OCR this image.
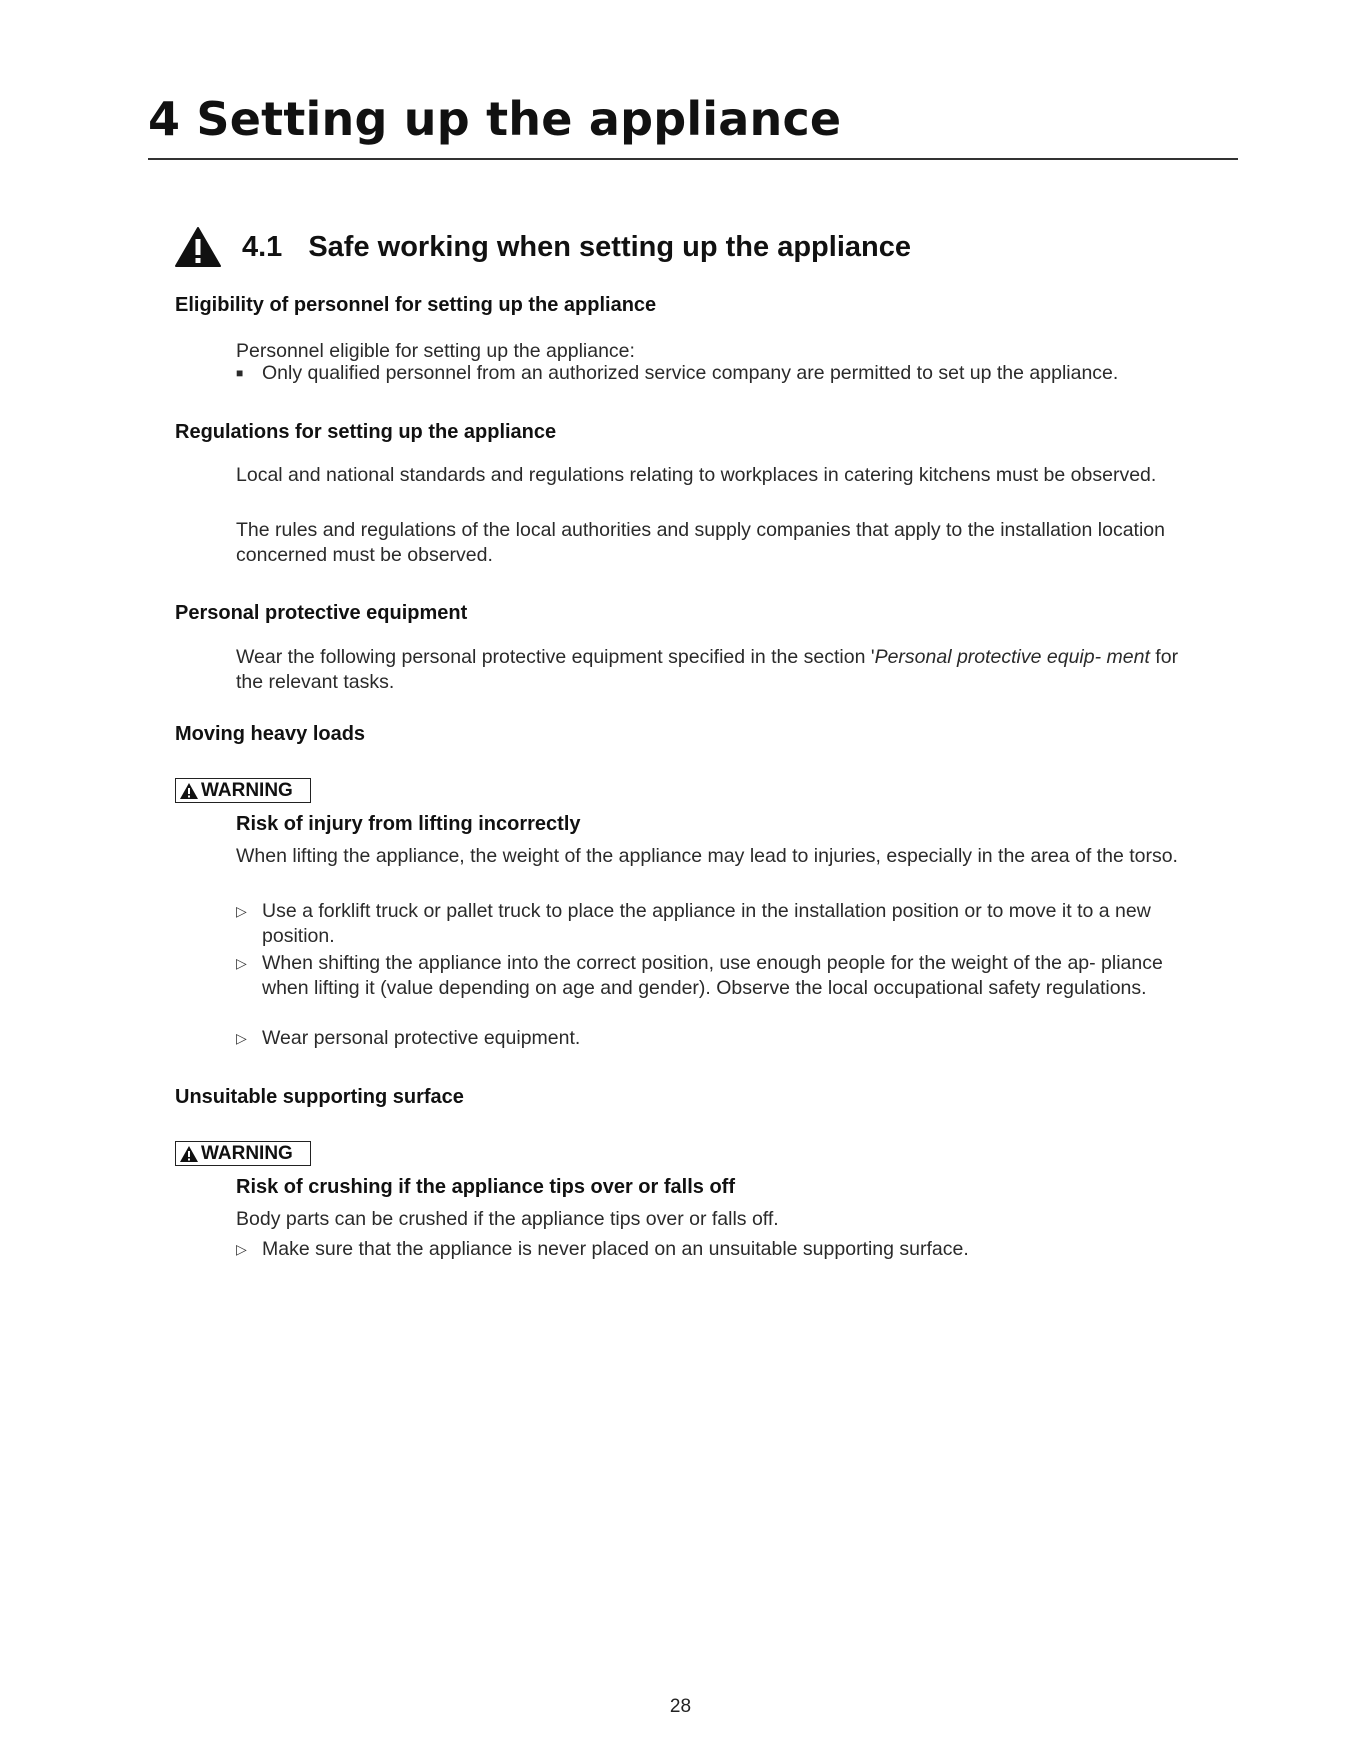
4 Setting up the appliance
4.1 Safe working when setting up the appliance
Eligibility of personnel for setting up the appliance

Personnel eligible for setting up the appliance:

■ Only qualified personnel from an authorized service company are permitted to set up the appliance.
Regulations for setting up the appliance

Local and national standards and regulations relating to workplaces in catering kitchens must be observed.

The rules and regulations of the local authorities and supply companies that apply to the installation location concerned must be observed.

Personal protective equipment

Wear the following personal protective equipment specified in the section 'Personal protective equip- ment for the relevant tasks.

Moving heavy loads
WARNING
Risk of injury from lifting incorrectly

When lifting the appliance, the weight of the appliance may lead to injuries, especially in the area of the torso.

▷ Use a forklift truck or pallet truck to place the appliance in the installation position or to move it to a new position.
▷ When shifting the appliance into the correct position, use enough people for the weight of the ap- pliance when lifting it (value depending on age and gender). Observe the local occupational safety regulations.
▷ Wear personal protective equipment.
Unsuitable supporting surface
WARNING
Risk of crushing if the appliance tips over or falls off

Body parts can be crushed if the appliance tips over or falls off.

▷ Make sure that the appliance is never placed on an unsuitable supporting surface.
28
